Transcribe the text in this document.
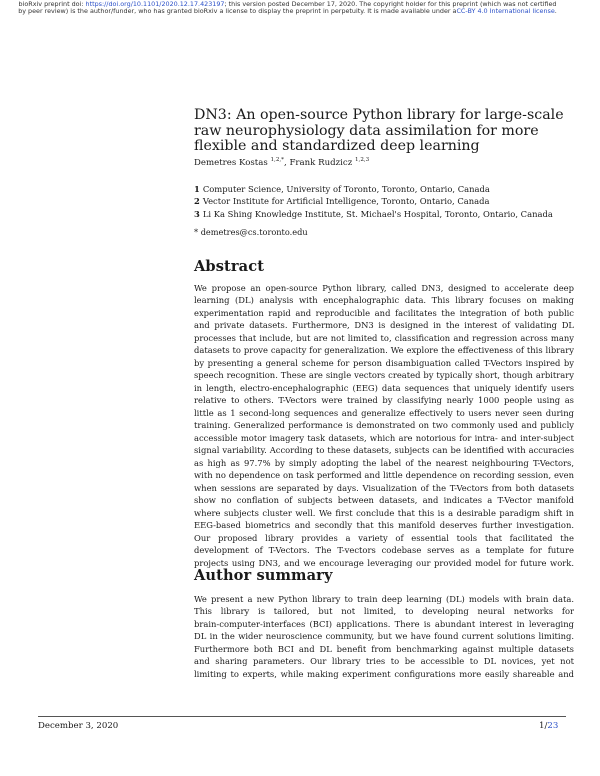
bioRxiv preprint doi: https://doi.org/10.1101/2020.12.17.423197; this version posted December 17, 2020. The copyright holder for this preprint (which was not certified by peer review) is the author/funder, who has granted bioRxiv a license to display the preprint in perpetuity. It is made available under aCC-BY 4.0 International license.
DN3: An open-source Python library for large-scale raw neurophysiology data assimilation for more flexible and standardized deep learning
Demetres Kostas $^{1,2,*}$, Frank Rudzicz $^{1,2,3}$
1 Computer Science, University of Toronto, Toronto, Ontario, Canada
2 Vector Institute for Artificial Intelligence, Toronto, Ontario, Canada
3 Li Ka Shing Knowledge Institute, St. Michael's Hospital, Toronto, Ontario, Canada
* demetres@cs.toronto.edu
Abstract

We propose an open-source Python library, called DN3, designed to accelerate deep
learning (DL) analysis with encephalographic data. This library focuses on making
experimentation rapid and reproducible and facilitates the integration of both public
and private datasets. Furthermore, DN3 is designed in the interest of validating DL
processes that include, but are not limited to, classification and regression across many
datasets to prove capacity for generalization. We explore the effectiveness of this library
by presenting a general scheme for person disambiguation called T-Vectors inspired by
speech recognition. These are single vectors created by typically short, though arbitrary
in length, electro-encephalographic (EEG) data sequences that uniquely identify users
relative to others. T-Vectors were trained by classifying nearly 1000 people using as
little as 1 second-long sequences and generalize effectively to users never seen during
training. Generalized performance is demonstrated on two commonly used and publicly
accessible motor imagery task datasets, which are notorious for intra- and inter-subject
signal variability. According to these datasets, subjects can be identified with accuracies
as high as 97.7% by simply adopting the label of the nearest neighbouring T-Vectors,
with no dependence on task performed and little dependence on recording session, even
when sessions are separated by days. Visualization of the T-Vectors from both datasets
show no conflation of subjects between datasets, and indicates a T-Vector manifold
where subjects cluster well. We first conclude that this is a desirable paradigm shift in
EEG-based biometrics and secondly that this manifold deserves further investigation.
Our proposed library provides a variety of essential tools that facilitated the
development of T-Vectors. The T-vectors codebase serves as a template for future
projects using DN3, and we encourage leveraging our provided model for future work.

Author summary

We present a new Python library to train deep learning (DL) models with brain data.
This library is tailored, but not limited, to developing neural networks for
brain-computer-interfaces (BCI) applications. There is abundant interest in leveraging
DL in the wider neuroscience community, but we have found current solutions limiting.
Furthermore both BCI and DL benefit from benchmarking against multiple datasets
and sharing parameters. Our library tries to be accessible to DL novices, yet not
limiting to experts, while making experiment configurations more easily shareable and

December 3, 2020	1/23
